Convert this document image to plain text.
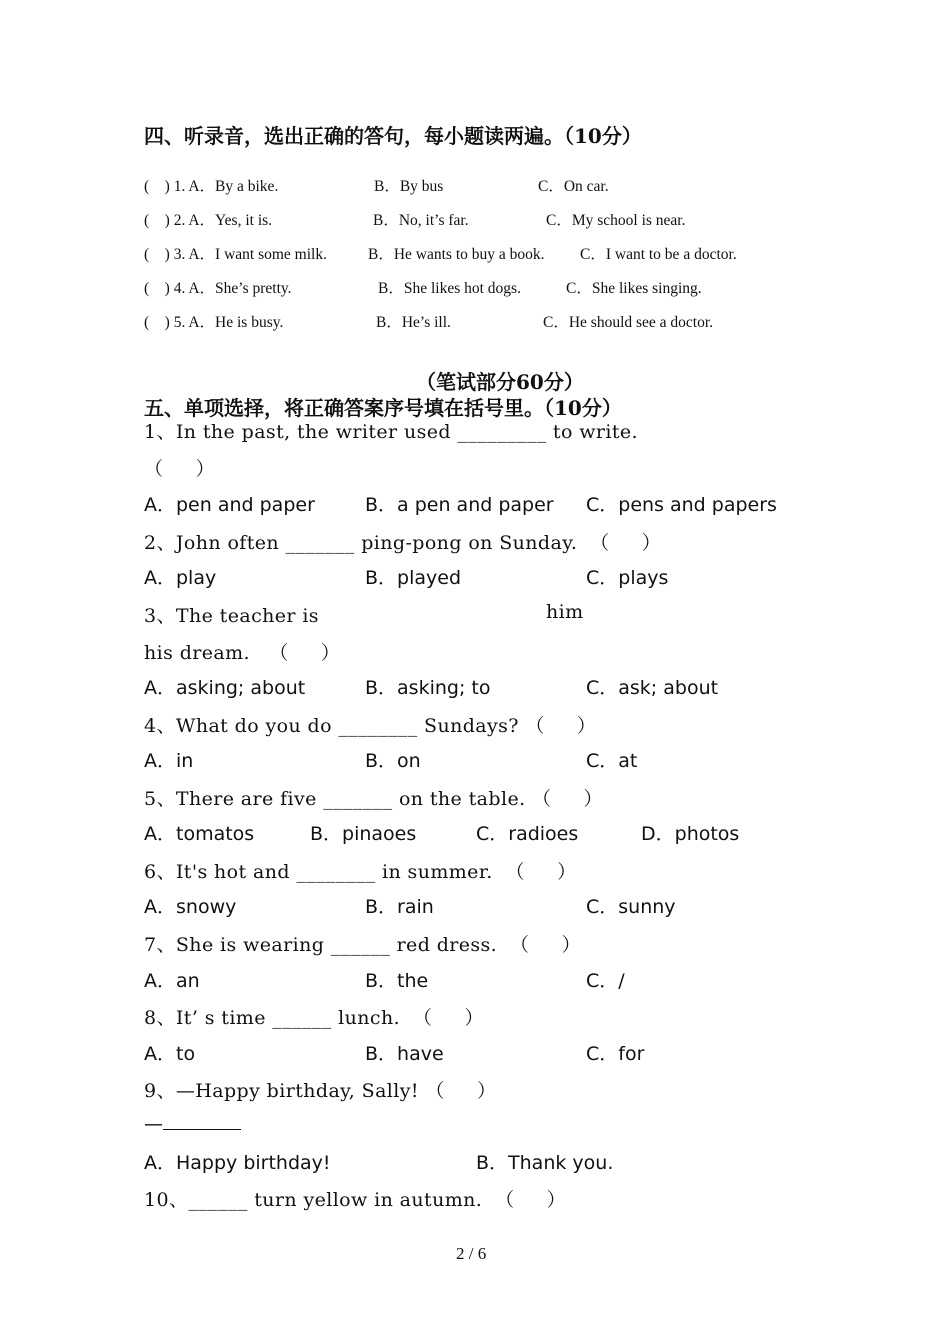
四、听录音，选出正确的答句，每小题读两遍。（10分）
(    ) 1. A．By a bike.	B．By bus	C．On car.
(    ) 2. A．Yes, it is.	B．No, it’s far.	C．My school is near.
(    ) 3. A．I want some milk.	B．He wants to buy a book. C．I want to be a doctor.
(    ) 4. A．She’s pretty.	B．She likes hot dogs.	C．She likes singing.
(    ) 5. A．He is busy.	B．He’s ill.	C．He should see a doctor.
（笔试部分60分）
五、单项选择，将正确答案序号填在括号里。（10分）
1、In the past, the writer used _________ to write.
（     ）
A．pen and paper	B．a pen and paper C．pens and papers
2、John often _______ ping-pong on Sunday.  （     ）
A．play	B．played	C．plays
3、The teacher is	him
his dream.   （     ）
A．asking; about	B．asking; to	C．ask; about
4、What do you do ________ Sundays? （     ）
A．in	B．on	C．at
5、There are five _______ on the table. （     ）
A．tomatos	B．pinaoes	C．radioes	D．photos
6、It's hot and ________ in summer.  （     ）
A．snowy	B．rain	C．sunny
7、She is wearing ______ red dress.  （     ）
A．an	B．the	C．/
8、It’ s time ______ lunch.  （     ）
A．to	B．have	C．for
9、—Happy birthday, Sally! （     ）
—
A．Happy birthday!	B．Thank you.
10、______ turn yellow in autumn.  （     ）
2 / 6
